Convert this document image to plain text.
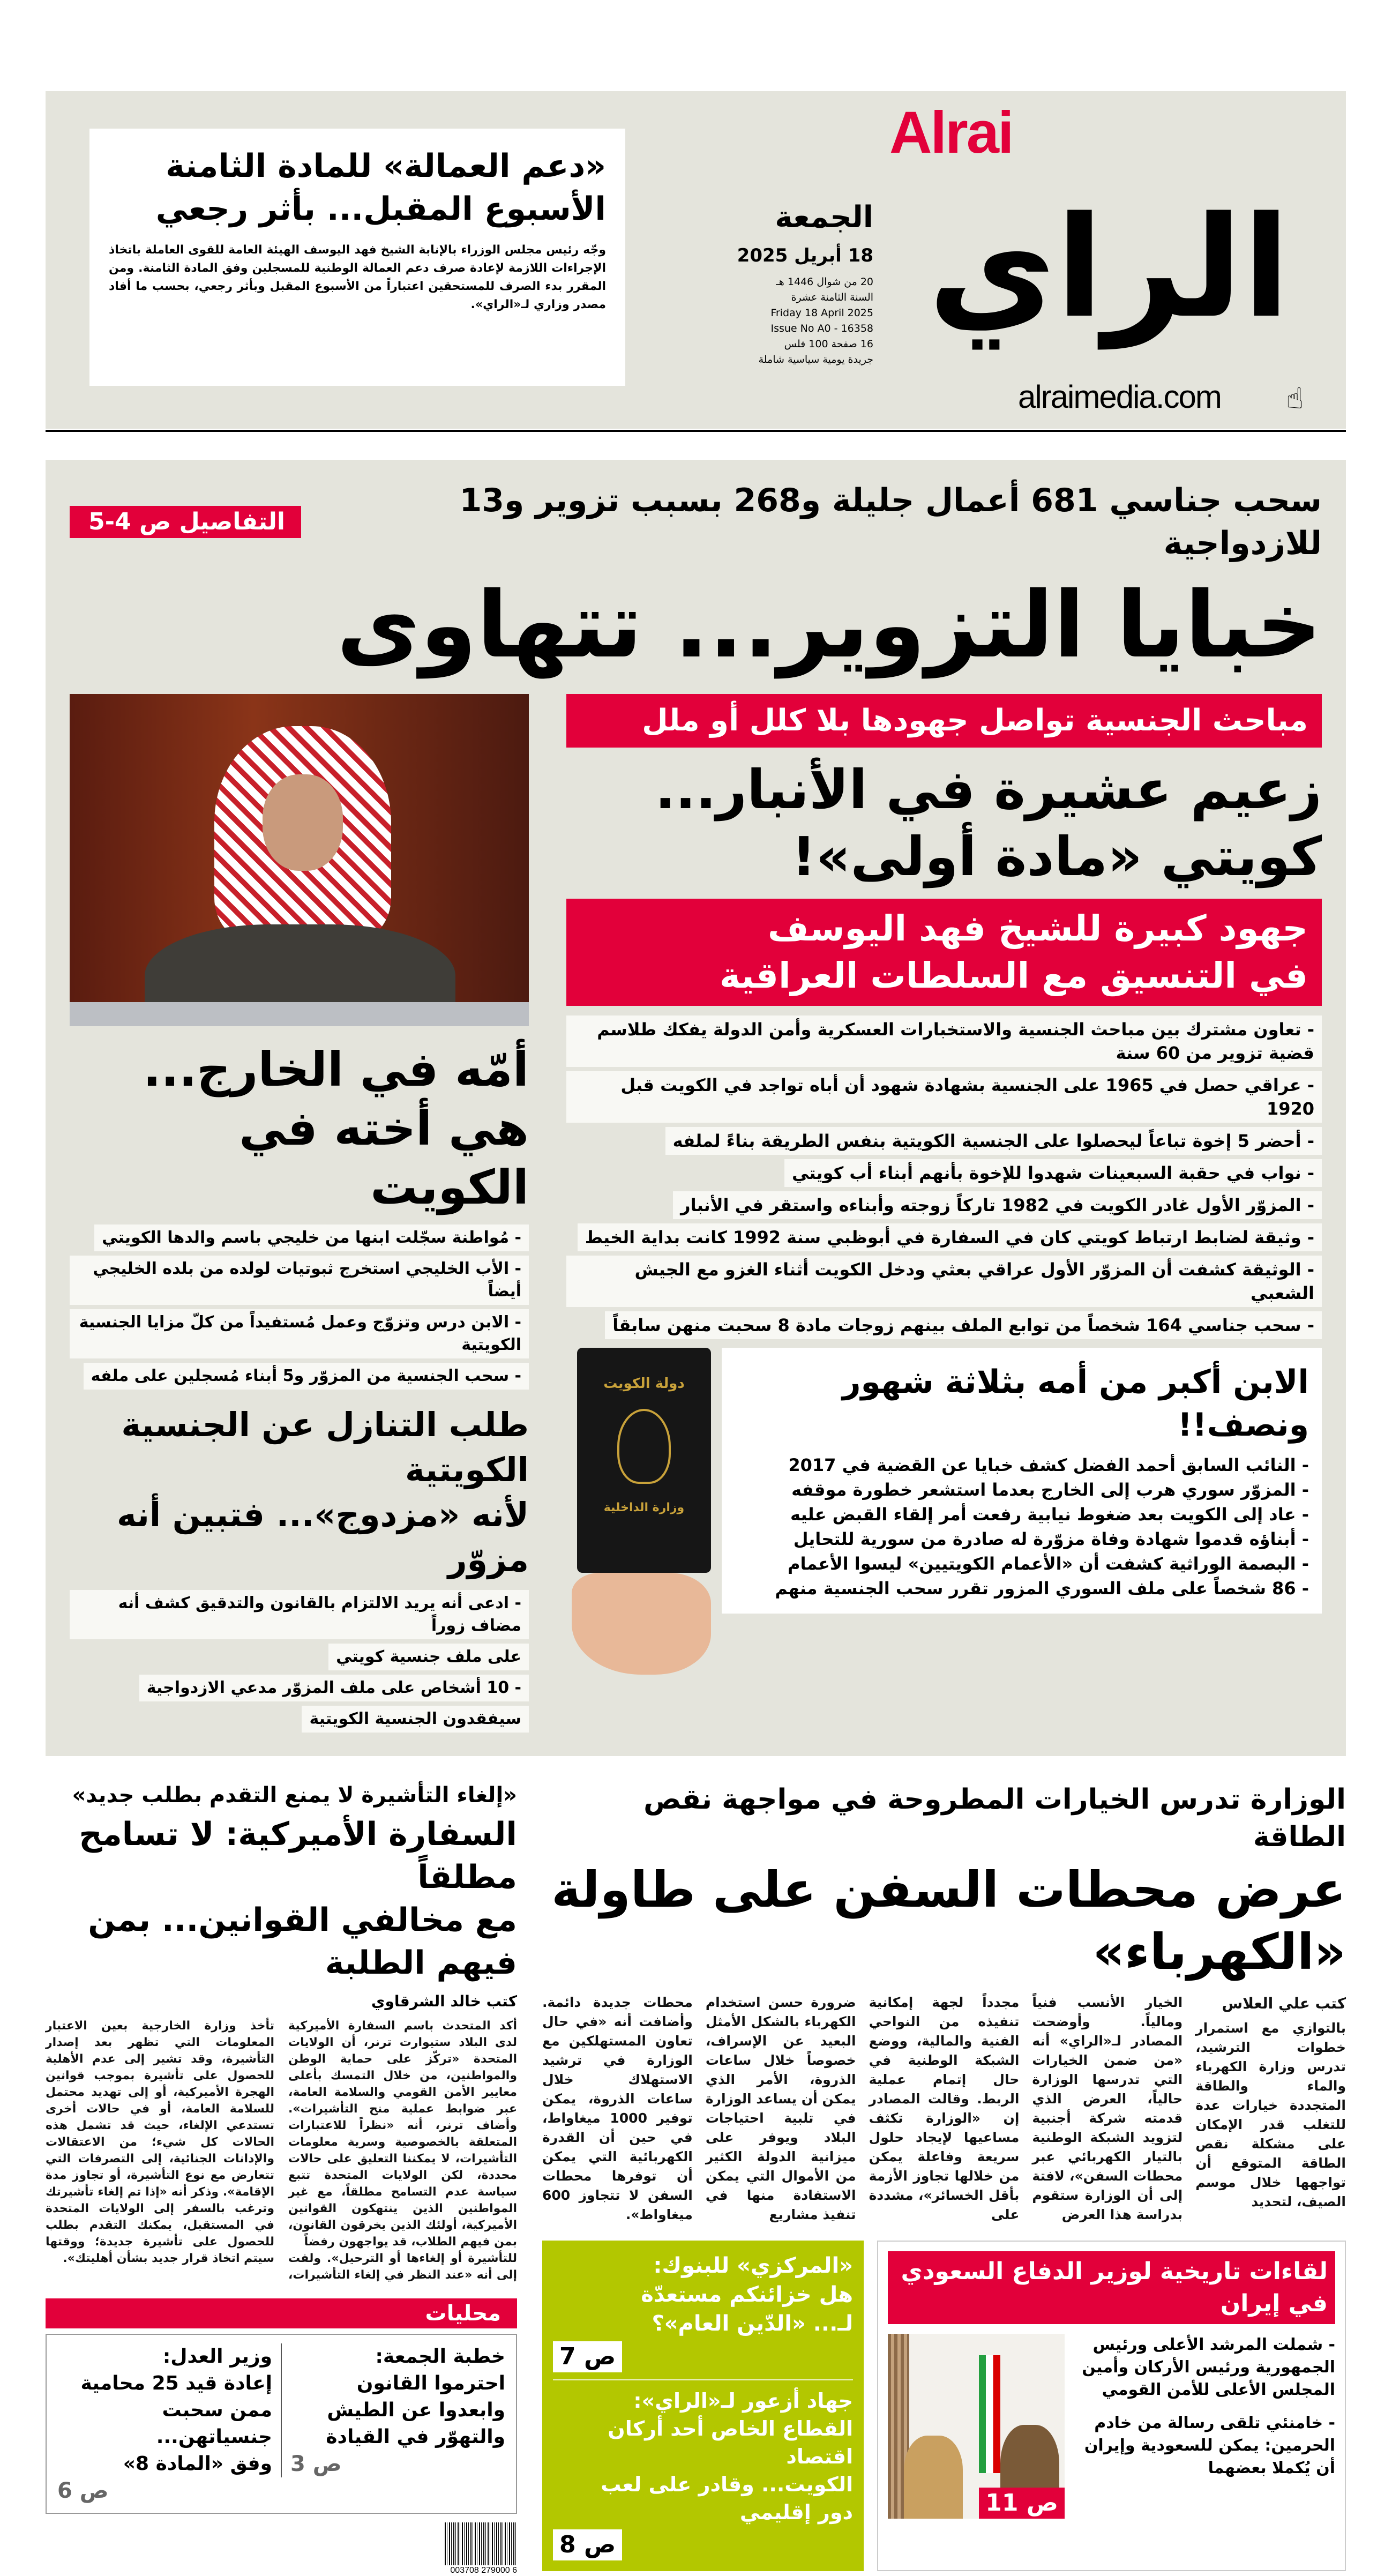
«دعم العمالة» للمادة الثامنة الأسبوع المقبل... بأثر رجعي
وجّه رئيس مجلس الوزراء بالإنابة الشيخ فهد اليوسف الهيئة العامة للقوى العاملة باتخاذ الإجراءات اللازمة لإعادة صرف دعم العمالة الوطنية للمسجلين وفق المادة الثامنة. ومن المقرر بدء الصرف للمستحقين اعتباراً من الأسبوع المقبل وبأثر رجعي، بحسب ما أفاد مصدر وزاري لـ«الراي».
الجمعة
18 أبريل 2025
20 من شوال 1446 هـ
السنة الثامنة عشرة
Friday 18 April 2025
Issue No A0 - 16358
16 صفحة 100 فلس
جريدة يومية سياسية شاملة
Alrai
الراي
alraimedia.com ☝
سحب جناسي 681 أعمال جليلة و268 بسبب تزوير و13 للازدواجية
التفاصيل ص 4-5
خبايا التزوير... تتهاوى
مباحث الجنسية تواصل جهودها بلا كلل أو ملل
زعيم عشيرة في الأنبار...
كويتي «مادة أولى»!
جهود كبيرة للشيخ فهد اليوسف
في التنسيق مع السلطات العراقية
- تعاون مشترك بين مباحث الجنسية والاستخبارات العسكرية وأمن الدولة يفكك طلاسم قضية تزوير من 60 سنة
- عراقي حصل في 1965 على الجنسية بشهادة شهود أن أباه تواجد في الكويت قبل 1920
- أحضر 5 إخوة تباعاً ليحصلوا على الجنسية الكويتية بنفس الطريقة بناءً لملفه
- نواب في حقبة السبعينات شهدوا للإخوة بأنهم أبناء أب كويتي
- المزوّر الأول غادر الكويت في 1982 تاركاً زوجته وأبناءه واستقر في الأنبار
- وثيقة لضابط ارتباط كويتي كان في السفارة في أبوظبي سنة 1992 كانت بداية الخيط
- الوثيقة كشفت أن المزوّر الأول عراقي بعثي ودخل الكويت أثناء الغزو مع الجيش الشعبي
- سحب جناسي 164 شخصاً من توابع الملف بينهم زوجات مادة 8 سحبت منهن سابقاً
الابن أكبر من أمه بثلاثة شهور ونصف!!
- النائب السابق أحمد الفضل كشف خبايا عن القضية في 2017
- المزوّر سوري هرب إلى الخارج بعدما استشعر خطورة موقفه
- عاد إلى الكويت بعد ضغوط نيابية رفعت أمر إلقاء القبض عليه
- أبناؤه قدموا شهادة وفاة مزوّرة له صادرة من سورية للتحايل
- البصمة الوراثية كشفت أن «الأعمام الكويتيين» ليسوا الأعمام
- 86 شخصاً على ملف السوري المزور تقرر سحب الجنسية منهم
دولة الكويت
وزارة الداخلية
أمّه في الخارج...
هي أخته في الكويت
- مُواطنة سجّلت ابنها من خليجي باسم والدها الكويتي
- الأب الخليجي استخرج ثبوتيات لولده من بلده الخليجي أيضاً
- الابن درس وتزوّج وعمل مُستفيداً من كلّ مزايا الجنسية الكويتية
- سحب الجنسية من المزوّر و5 أبناء مُسجلين على ملفه
طلب التنازل عن الجنسية الكويتية
لأنه «مزدوج»... فتبين أنه مزوّر
- ادعى أنه يريد الالتزام بالقانون والتدقيق كشف أنه مضاف زوراً
على ملف جنسية كويتي
- 10 أشخاص على ملف المزوّر مدعي الازدواجية
سيفقدون الجنسية الكويتية
الوزارة تدرس الخيارات المطروحة في مواجهة نقص الطاقة
عرض محطات السفن على طاولة «الكهرباء»
كتب علي العلاس
بالتوازي مع استمرار خطوات الترشيد، تدرس وزارة الكهرباء والماء والطاقة المتجددة خيارات عدة للتغلب قدر الإمكان على مشكلة نقص الطاقة المتوقع أن تواجهها خلال موسم الصيف، لتحديد
الخيار الأنسب فنياً ومالياً. وأوضحت المصادر لـ«الراي» أنه «من ضمن الخيارات التي تدرسها الوزارة حالياً، العرض الذي قدمته شركة أجنبية لتزويد الشبكة الوطنية بالتيار الكهربائي عبر محطات السفن»، لافتة إلى أن الوزارة ستقوم بدراسة هذا العرض
مجدداً لجهة إمكانية تنفيذه من النواحي الفنية والمالية، ووضع الشبكة الوطنية في حال إتمام عملية الربط. وقالت المصادر إن «الوزارة تكثف مساعيها لإيجاد حلول سريعة وفاعلة يمكن من خلالها تجاوز الأزمة بأقل الخسائر»، مشددة على
ضرورة حسن استخدام الكهرباء بالشكل الأمثل البعيد عن الإسراف، خصوصاً خلال ساعات الذروة، الأمر الذي يمكن أن يساعد الوزارة في تلبية احتياجات البلاد ويوفر على ميزانية الدولة الكثير من الأموال التي يمكن الاستفادة منها في تنفيذ مشاريع
محطات جديدة دائمة. وأضافت أنه «في حال تعاون المستهلكين مع الوزارة في ترشيد الاستهلاك خلال ساعات الذروة، يمكن توفير 1000 ميغاواط، في حين أن القدرة الكهربائية التي يمكن أن توفرها محطات السفن لا تتجاوز 600 ميغاواط».
لقاءات تاريخية لوزير الدفاع السعودي في إيران
- شملت المرشد الأعلى ورئيس الجمهورية ورئيس الأركان وأمين المجلس الأعلى للأمن القومي
- خامنئي تلقى رسالة من خادم الحرمين: يمكن للسعودية وإيران أن يُكملا بعضهما
ص 11
«المركزي» للبنوك:
هل خزائنكم مستعدّة
لـ... «الدّين العام»؟
ص 7
جهاد أزعور لـ«الراي»:
القطاع الخاص أحد أركان اقتصاد
الكويت... وقادر على لعب
دور إقليمي
ص 8
«إلغاء التأشيرة لا يمنع التقدم بطلب جديد»
السفارة الأميركية: لا تسامح مطلقاً
مع مخالفي القوانين... بمن فيهم الطلبة
كتب خالد الشرقاوي
أكد المتحدث باسم السفارة الأميركية لدى البلاد ستيوارت ترنر، أن الولايات المتحدة «تركّز على حماية الوطن والمواطنين، من خلال التمسك بأعلى معايير الأمن القومي والسلامة العامة، عبر ضوابط عملية منح التأشيرات». وأضاف ترنر، أنه «نظراً للاعتبارات المتعلقة بالخصوصية وسرية معلومات التأشيرات، لا يمكننا التعليق على حالات محددة، لكن الولايات المتحدة تتبع سياسة عدم التسامح مطلقاً، مع غير المواطنين الذين ينتهكون القوانين الأميركية، أولئك الذين يخرقون القانون، بمن فيهم الطلاب، قد يواجهون رفضاً
للتأشيرة أو إلغاءها أو الترحيل». ولفت إلى أنه «عند النظر في إلغاء التأشيرات، تأخذ وزارة الخارجية بعين الاعتبار المعلومات التي تظهر بعد إصدار التأشيرة، وقد تشير إلى عدم الأهلية للحصول على تأشيرة بموجب قوانين الهجرة الأميركية، أو إلى تهديد محتمل للسلامة العامة، أو في حالات أخرى تستدعي الإلغاء، حيث قد تشمل هذه الحالات كل شيء؛ من الاعتقالات والإدانات الجنائية، إلى التصرفات التي تتعارض مع نوع التأشيرة، أو تجاوز مدة الإقامة». وذكر أنه «إذا تم إلغاء تأشيرتك وترغب بالسفر إلى الولايات المتحدة في المستقبل، يمكنك التقدم بطلب للحصول على تأشيرة جديدة؛ ووقتها سيتم اتخاذ قرار جديد بشأن أهليتك».
محليات
خطبة الجمعة:
احترموا القانون
وابعدوا عن الطيش
والتهوّر في القيادة
ص 3
وزير العدل:
إعادة قيد 25 محامية
ممن سحبت جنسياتهن...
وفق «المادة 8»
ص 6
6 279000 003708
